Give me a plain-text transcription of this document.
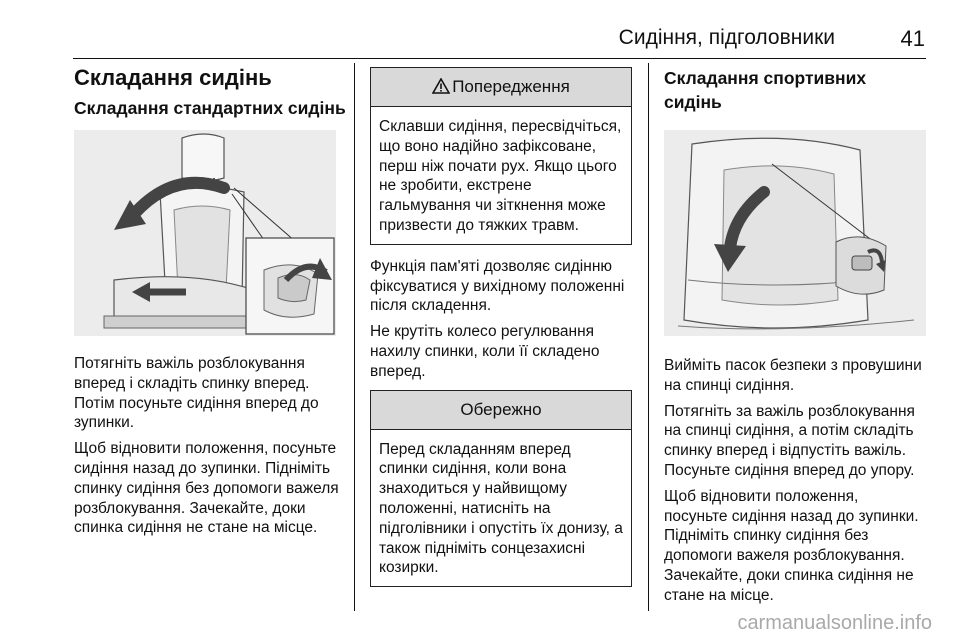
Сидіння, підголовники	41
Складання сидінь
Складання стандартних сидінь

Потягніть важіль розблокування вперед і складіть спинку вперед. Потім посуньте сидіння вперед до зупинки.

Щоб відновити положення, посуньте сидіння назад до зупинки. Підніміть спинку сидіння без допомоги важеля розблокування. Зачекайте, доки спинка сидіння не стане на місце.

Попередження
Склавши сидіння, пересвідчіться, що воно надійно зафіксоване, перш ніж почати рух. Якщо цього не зробити, екстрене гальмування чи зіткнення може призвести до тяжких травм.

Функція пам'яті дозволяє сидінню фіксуватися у вихідному положенні після складення.

Не крутіть колесо регулювання нахилу спинки, коли її складено вперед.

Обережно
Перед складанням вперед спинки сидіння, коли вона знаходиться у найвищому положенні, натисніть на підголівники і опустіть їх донизу, а також підніміть сонцезахисні козирки.
Складання спортивних сидінь

Вийміть пасок безпеки з провушини на спинці сидіння.

Потягніть за важіль розблокування на спинці сидіння, а потім складіть спинку вперед і відпустіть важіль. Посуньте сидіння вперед до упору.

Щоб відновити положення, посуньте сидіння назад до зупинки. Підніміть спинку сидіння без допомоги важеля розблокування. Зачекайте, доки спинка сидіння не стане на місце.

carmanualsonline.info
